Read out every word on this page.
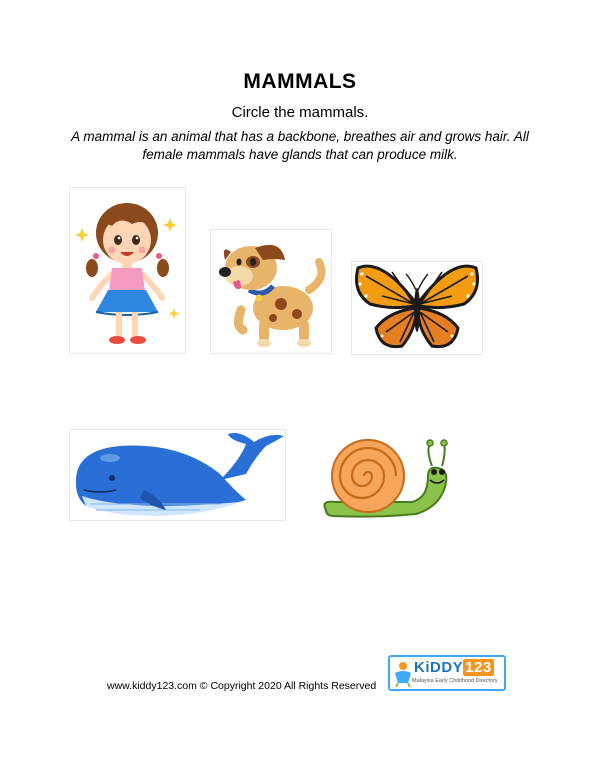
MAMMALS
Circle the mammals.
A mammal is an animal that has a backbone, breathes air and grows hair. All female mammals have glands that can produce milk.
www.kiddy123.com © Copyright 2020 All Rights Reserved
KiDDY 123
Malaysia Early Childhood Directory
